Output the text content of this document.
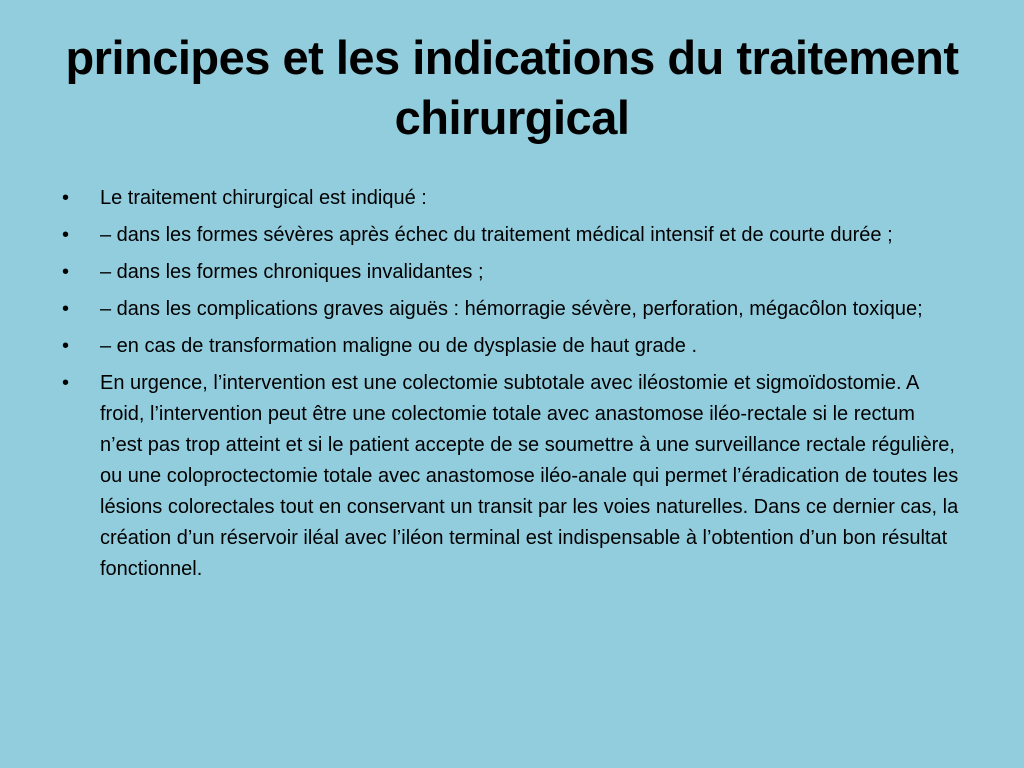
principes et les indications du traitement chirurgical
•	Le traitement chirurgical est indiqué :
•	– dans les formes sévères après échec du traitement médical intensif et de courte durée ;
•	– dans les formes chroniques invalidantes ;
•	– dans les complications graves aiguës : hémorragie sévère, perforation, mégacôlon toxique;
•	– en cas de transformation maligne ou de dysplasie de haut grade .
•	En urgence, l’intervention est une colectomie subtotale avec iléostomie et sigmoïdostomie. A froid, l’intervention peut être une colectomie totale avec anastomose iléo-rectale si le rectum n’est pas trop atteint et si le patient accepte de se soumettre à une surveillance rectale régulière, ou une coloproctectomie totale avec anastomose iléo-anale qui permet l’éradication de toutes les lésions colorectales tout en conservant un transit par les voies naturelles. Dans ce dernier cas, la création d’un réservoir iléal avec l’iléon terminal est indispensable à l’obtention d’un bon résultat fonctionnel.
